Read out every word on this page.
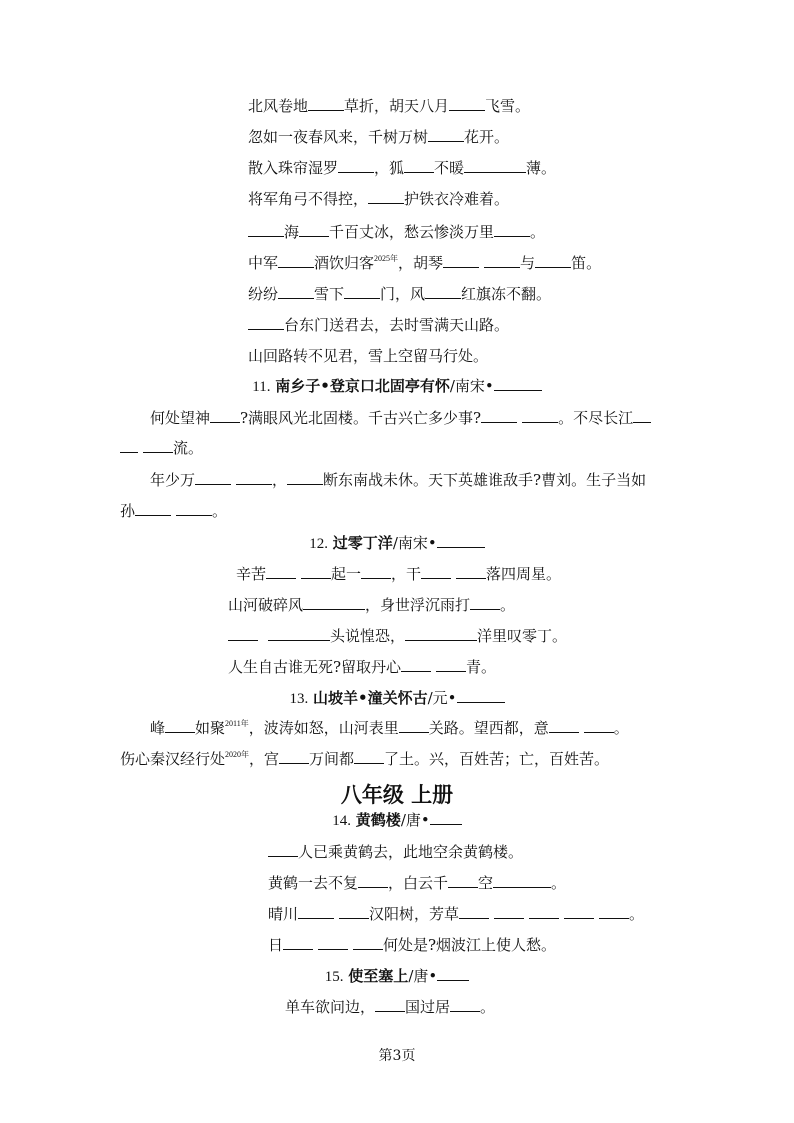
北风卷地 草折，胡天八月 飞雪。
忽如一夜春风来，千树万树 花开。
散入珠帘湿罗 ，狐 不暖	薄。
将军角弓不得控， 护铁衣冷难着。
海 千百丈冰，愁云惨淡万里 。
中军 酒饮归客$^{2025年}$，胡琴	与 笛。
纷纷 雪下 门，风 红旗冻不翻。
台东门送君去，去时雪满天山路。
山回路转不见君，雪上空留马行处。
11. 南乡子•登京口北固亭有怀/南宋•
何处望神 ?满眼风光北固楼。千古兴亡多少事?	。不尽长江
流。
年少万	， 断东南战未休。天下英雄谁敌手?曹刘。生子当如
孙	。
12. 过零丁洋/南宋•
辛苦	起一 ，干	落四周星。
山河破碎风	，身世浮沉雨打 。
头说惶恐，	洋里叹零丁。
人生自古谁无死?留取丹心	青。
13. 山坡羊•潼关怀古/元•
峰 如聚$^{2011年}$，波涛如怒，山河表里 关路。望西都，意	。
伤心秦汉经行处$^{2020年}$，宫 万间都 了土。兴，百姓苦；亡，百姓苦。
八年级 上册
14. 黄鹤楼/唐•
人已乘黄鹤去，此地空余黄鹤楼。
黄鹤一去不复 ，白云千 空	。
晴川	汉阳树，芳草	。
日	何处是?烟波江上使人愁。
15. 使至塞上/唐•
单车欲问边， 国过居 。
第3页
